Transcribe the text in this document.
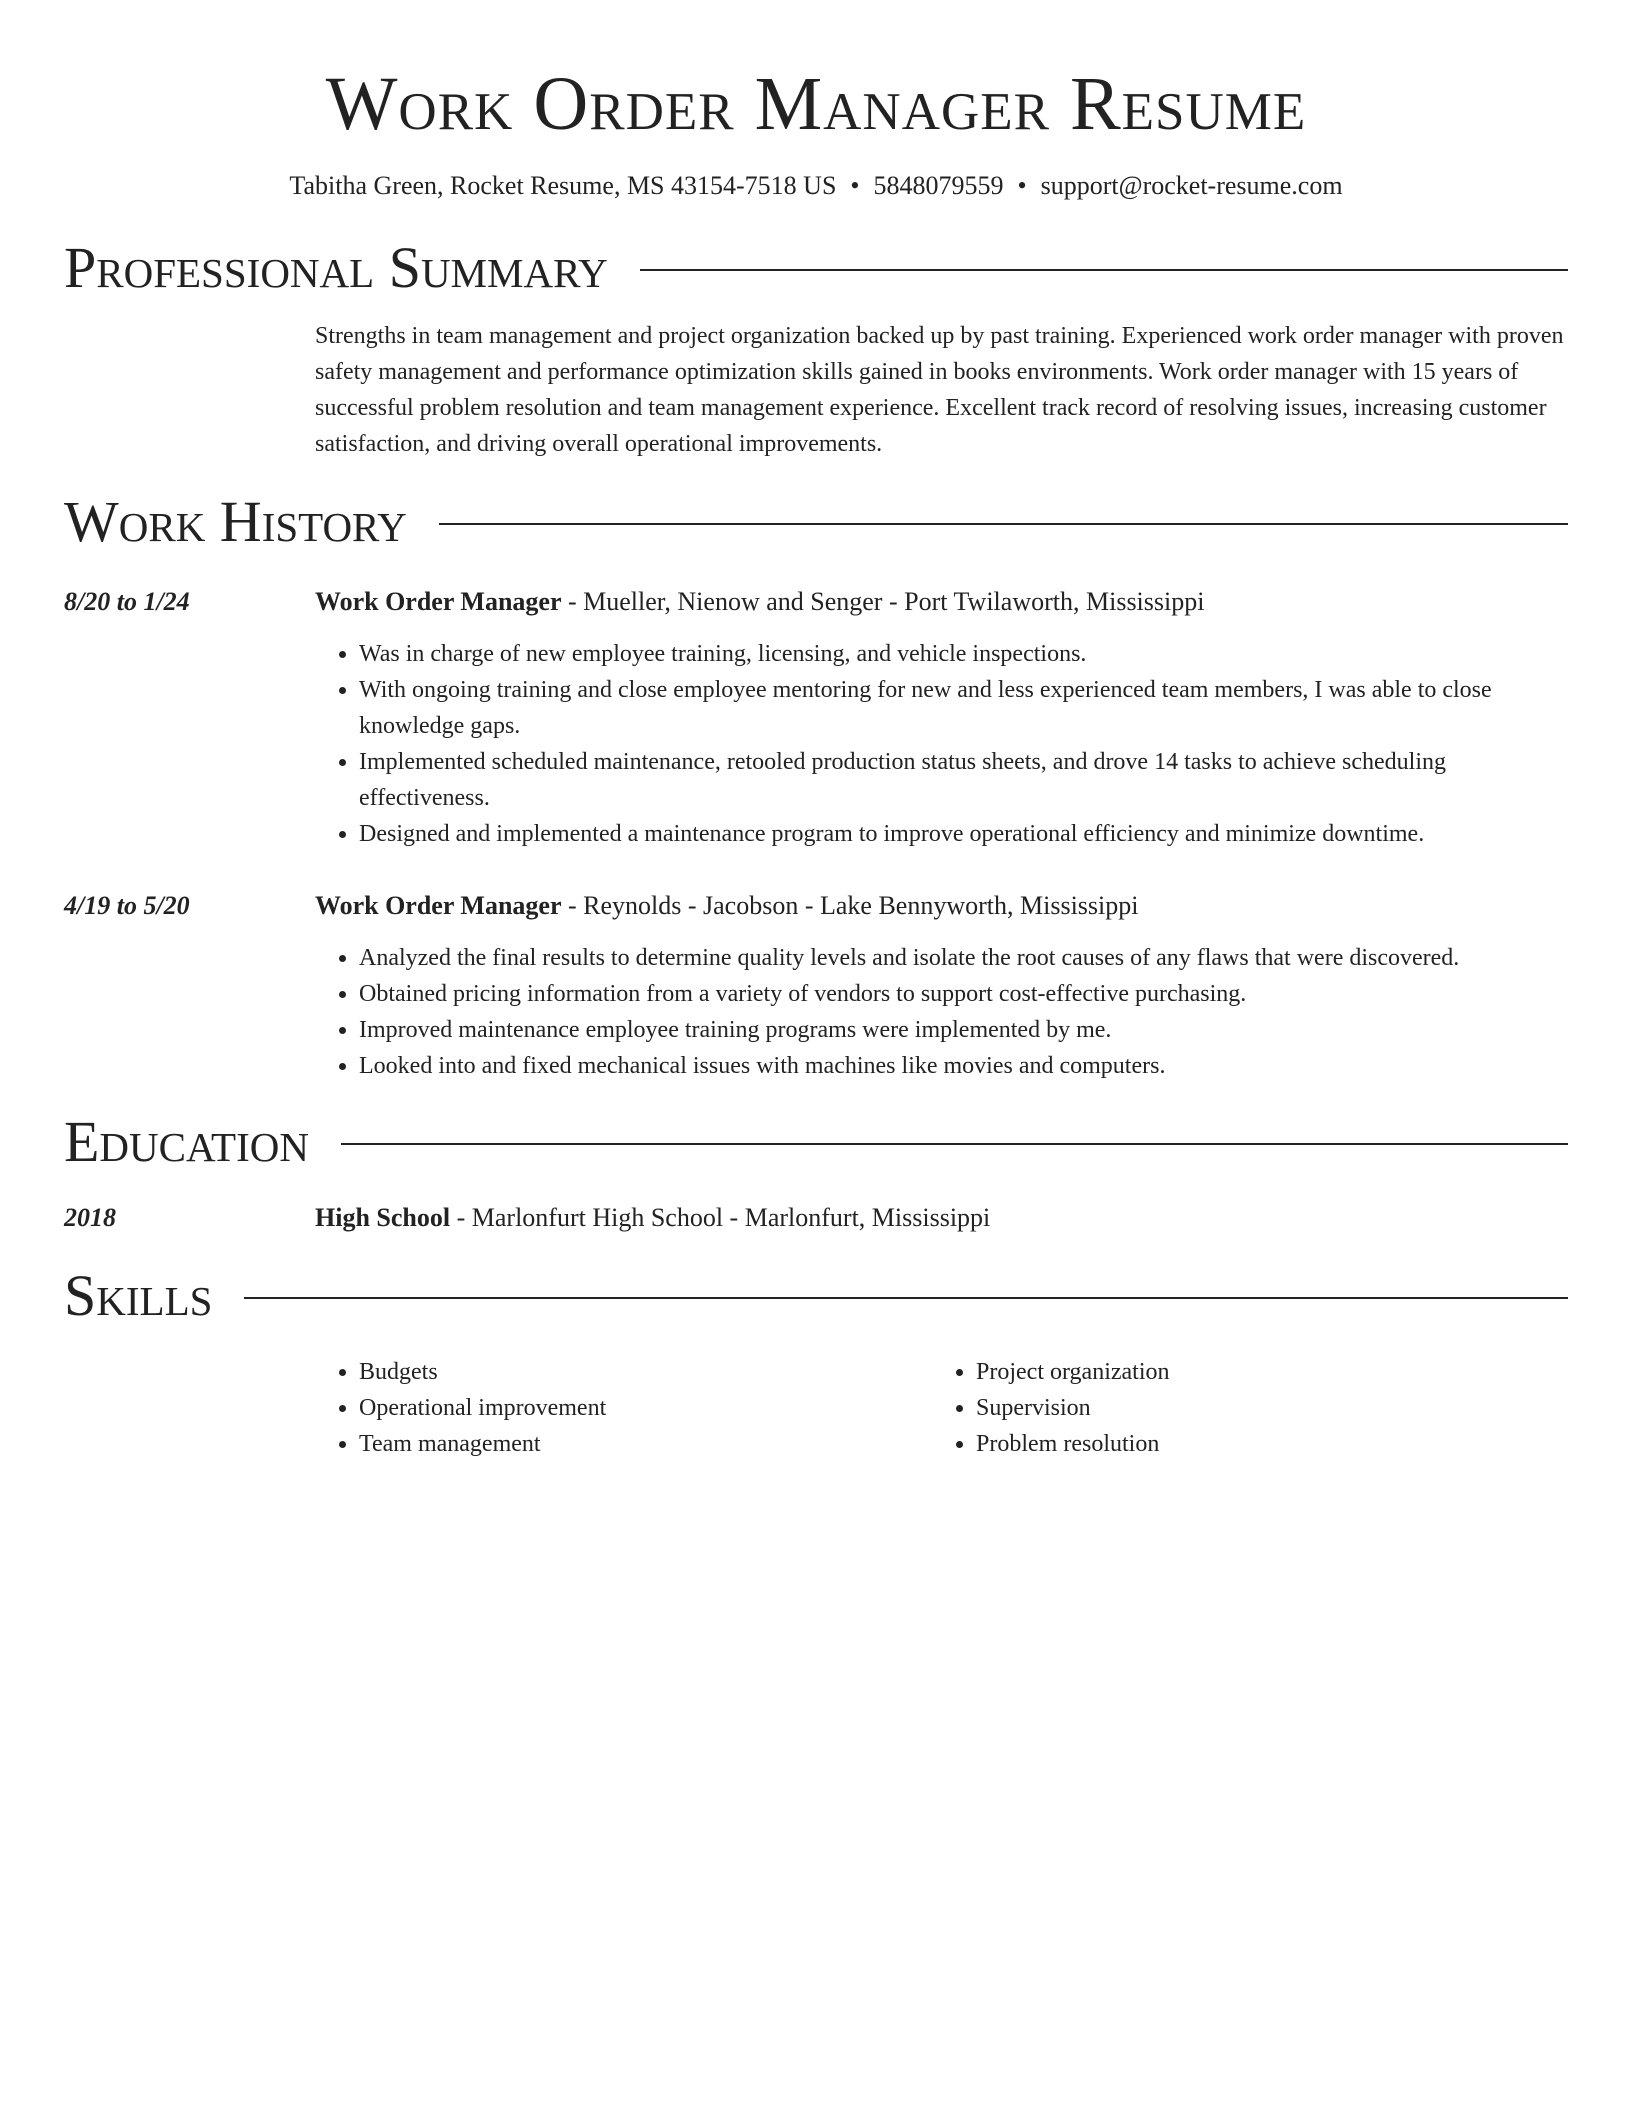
Work Order Manager Resume
Tabitha Green, Rocket Resume, MS 43154-7518 US • 5848079559 • support@rocket-resume.com
Professional Summary

Strengths in team management and project organization backed up by past training. Experienced work order manager with proven safety management and performance optimization skills gained in books environments. Work order manager with 15 years of successful problem resolution and team management experience. Excellent track record of resolving issues, increasing customer satisfaction, and driving overall operational improvements.

Work History
8/20 to 1/24	Work Order Manager - Mueller, Nienow and Senger - Port Twilaworth, Mississippi
• Was in charge of new employee training, licensing, and vehicle inspections.
• With ongoing training and close employee mentoring for new and less experienced team members, I was able to close knowledge gaps.
• Implemented scheduled maintenance, retooled production status sheets, and drove 14 tasks to achieve scheduling effectiveness.
• Designed and implemented a maintenance program to improve operational efficiency and minimize downtime.
4/19 to 5/20	Work Order Manager - Reynolds - Jacobson - Lake Bennyworth, Mississippi
• Analyzed the final results to determine quality levels and isolate the root causes of any flaws that were discovered.
• Obtained pricing information from a variety of vendors to support cost-effective purchasing.
• Improved maintenance employee training programs were implemented by me.
• Looked into and fixed mechanical issues with machines like movies and computers.
Education
2018	High School - Marlonfurt High School - Marlonfurt, Mississippi
Skills
• Budgets
• Operational improvement
• Team management
• Project organization
• Supervision
• Problem resolution
